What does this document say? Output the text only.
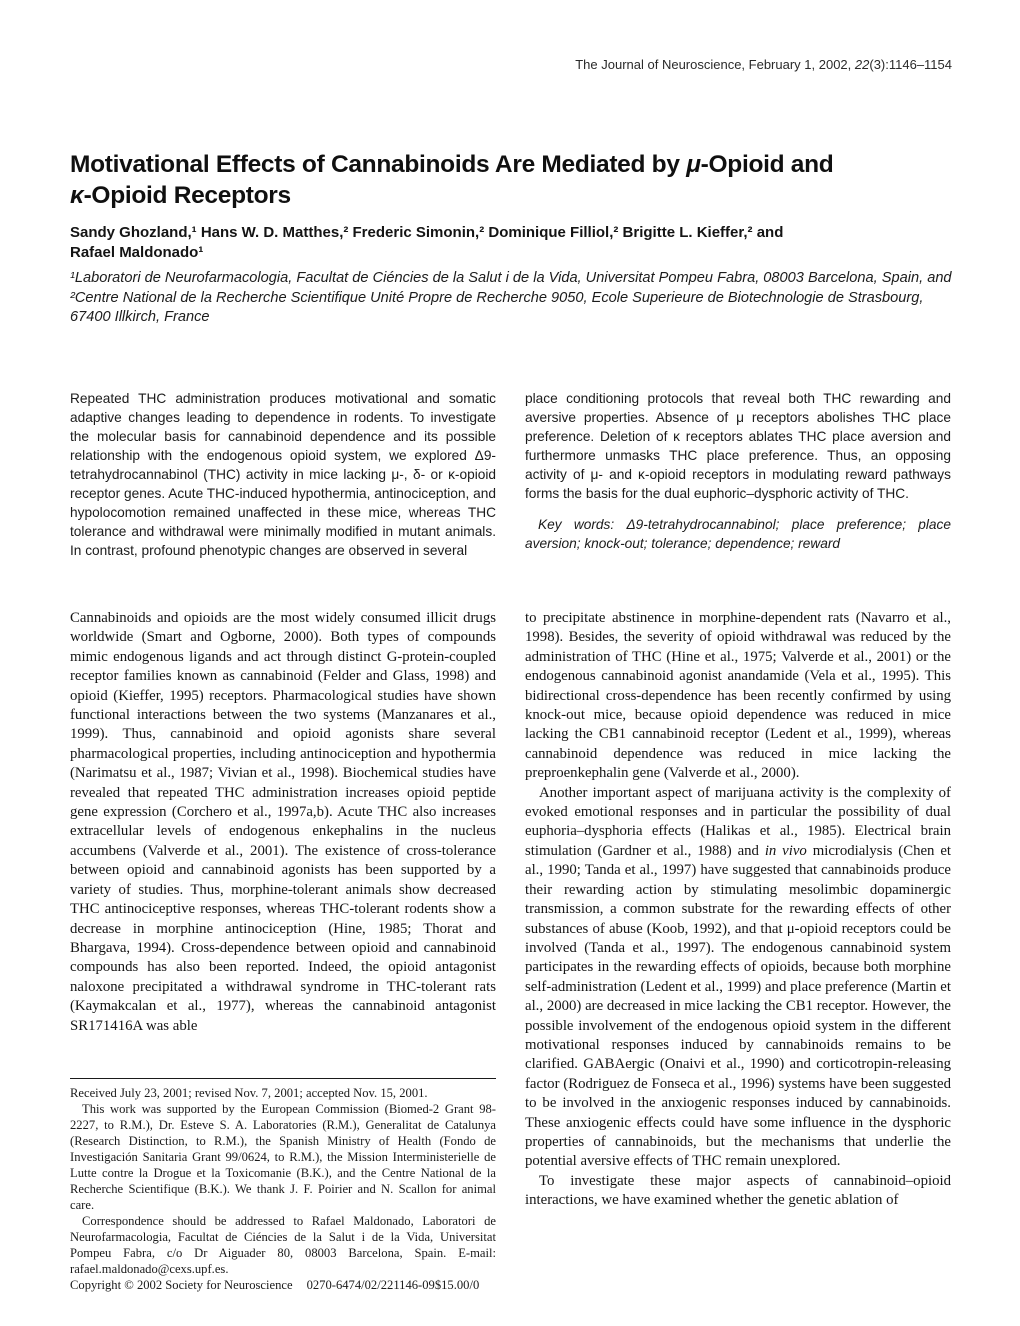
The Journal of Neuroscience, February 1, 2002, 22(3):1146–1154
Motivational Effects of Cannabinoids Are Mediated by μ-Opioid and
κ-Opioid Receptors
Sandy Ghozland,¹ Hans W. D. Matthes,² Frederic Simonin,² Dominique Filliol,² Brigitte L. Kieffer,² and
Rafael Maldonado¹
¹Laboratori de Neurofarmacologia, Facultat de Ciéncies de la Salut i de la Vida, Universitat Pompeu Fabra, 08003 Barcelona, Spain, and ²Centre National de la Recherche Scientifique Unité Propre de Recherche 9050, Ecole Superieure de Biotechnologie de Strasbourg, 67400 Illkirch, France

Repeated THC administration produces motivational and somatic adaptive changes leading to dependence in rodents. To investigate the molecular basis for cannabinoid dependence and its possible relationship with the endogenous opioid system, we explored Δ9-tetrahydrocannabinol (THC) activity in mice lacking μ-, δ- or κ-opioid receptor genes. Acute THC-induced hypothermia, antinociception, and hypolocomotion remained unaffected in these mice, whereas THC tolerance and withdrawal were minimally modified in mutant animals. In contrast, profound phenotypic changes are observed in several

place conditioning protocols that reveal both THC rewarding and aversive properties. Absence of μ receptors abolishes THC place preference. Deletion of κ receptors ablates THC place aversion and furthermore unmasks THC place preference. Thus, an opposing activity of μ- and κ-opioid receptors in modulating reward pathways forms the basis for the dual euphoric–dysphoric activity of THC.

Key words: Δ9-tetrahydrocannabinol; place preference; place aversion; knock-out; tolerance; dependence; reward

Cannabinoids and opioids are the most widely consumed illicit drugs worldwide (Smart and Ogborne, 2000). Both types of compounds mimic endogenous ligands and act through distinct G-protein-coupled receptor families known as cannabinoid (Felder and Glass, 1998) and opioid (Kieffer, 1995) receptors. Pharmacological studies have shown functional interactions between the two systems (Manzanares et al., 1999). Thus, cannabinoid and opioid agonists share several pharmacological properties, including antinociception and hypothermia (Narimatsu et al., 1987; Vivian et al., 1998). Biochemical studies have revealed that repeated THC administration increases opioid peptide gene expression (Corchero et al., 1997a,b). Acute THC also increases extracellular levels of endogenous enkephalins in the nucleus accumbens (Valverde et al., 2001). The existence of cross-tolerance between opioid and cannabinoid agonists has been supported by a variety of studies. Thus, morphine-tolerant animals show decreased THC antinociceptive responses, whereas THC-tolerant rodents show a decrease in morphine antinociception (Hine, 1985; Thorat and Bhargava, 1994). Cross-dependence between opioid and cannabinoid compounds has also been reported. Indeed, the opioid antagonist naloxone precipitated a withdrawal syndrome in THC-tolerant rats (Kaymakcalan et al., 1977), whereas the cannabinoid antagonist SR171416A was able

Received July 23, 2001; revised Nov. 7, 2001; accepted Nov. 15, 2001.

This work was supported by the European Commission (Biomed-2 Grant 98-2227, to R.M.), Dr. Esteve S. A. Laboratories (R.M.), Generalitat de Catalunya (Research Distinction, to R.M.), the Spanish Ministry of Health (Fondo de Investigación Sanitaria Grant 99/0624, to R.M.), the Mission Interministerielle de Lutte contre la Drogue et la Toxicomanie (B.K.), and the Centre National de la Recherche Scientifique (B.K.). We thank J. F. Poirier and N. Scallon for animal care.

Correspondence should be addressed to Rafael Maldonado, Laboratori de Neurofarmacologia, Facultat de Ciéncies de la Salut i de la Vida, Universitat Pompeu Fabra, c/o Dr Aiguader 80, 08003 Barcelona, Spain. E-mail: rafael.maldonado@cexs.upf.es.

Copyright © 2002 Society for Neuroscience 0270-6474/02/221146-09$15.00/0

to precipitate abstinence in morphine-dependent rats (Navarro et al., 1998). Besides, the severity of opioid withdrawal was reduced by the administration of THC (Hine et al., 1975; Valverde et al., 2001) or the endogenous cannabinoid agonist anandamide (Vela et al., 1995). This bidirectional cross-dependence has been recently confirmed by using knock-out mice, because opioid dependence was reduced in mice lacking the CB1 cannabinoid receptor (Ledent et al., 1999), whereas cannabinoid dependence was reduced in mice lacking the preproenkephalin gene (Valverde et al., 2000).

Another important aspect of marijuana activity is the complexity of evoked emotional responses and in particular the possibility of dual euphoria–dysphoria effects (Halikas et al., 1985). Electrical brain stimulation (Gardner et al., 1988) and in vivo microdialysis (Chen et al., 1990; Tanda et al., 1997) have suggested that cannabinoids produce their rewarding action by stimulating mesolimbic dopaminergic transmission, a common substrate for the rewarding effects of other substances of abuse (Koob, 1992), and that μ-opioid receptors could be involved (Tanda et al., 1997). The endogenous cannabinoid system participates in the rewarding effects of opioids, because both morphine self-administration (Ledent et al., 1999) and place preference (Martin et al., 2000) are decreased in mice lacking the CB1 receptor. However, the possible involvement of the endogenous opioid system in the different motivational responses induced by cannabinoids remains to be clarified. GABAergic (Onaivi et al., 1990) and corticotropin-releasing factor (Rodriguez de Fonseca et al., 1996) systems have been suggested to be involved in the anxiogenic responses induced by cannabinoids. These anxiogenic effects could have some influence in the dysphoric properties of cannabinoids, but the mechanisms that underlie the potential aversive effects of THC remain unexplored.

To investigate these major aspects of cannabinoid–opioid interactions, we have examined whether the genetic ablation of
